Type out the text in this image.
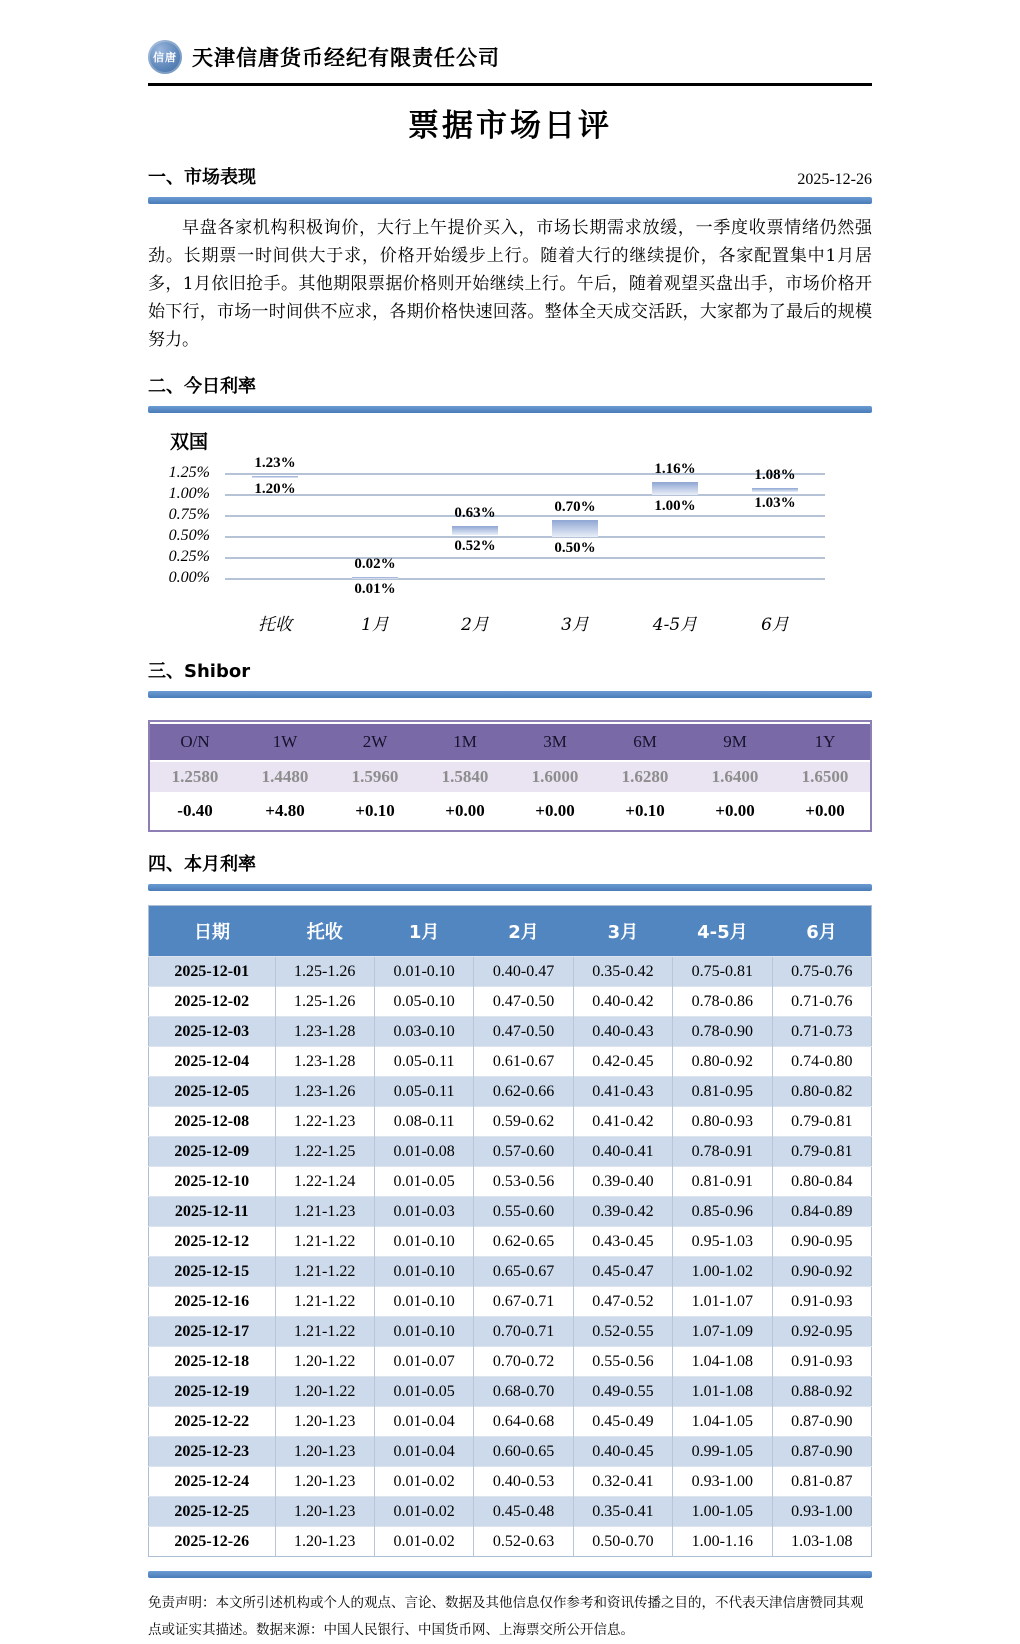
信唐 天津信唐货币经纪有限责任公司
票据市场日评
一、市场表现	2025-12-26
早盘各家机构积极询价，大行上午提价买入，市场长期需求放缓，一季度收票情绪仍然强劲。长期票一时间供大于求，价格开始缓步上行。随着大行的继续提价，各家配置集中1月居多，1月依旧抢手。其他期限票据价格则开始继续上行。午后，随着观望买盘出手，市场价格开始下行，市场一时间供不应求，各期价格快速回落。整体全天成交活跃，大家都为了最后的规模努力。
二、今日利率
双国
1.25%
1.00%
0.75%
0.50%
0.25%
0.00%
1.23%
1.20%
0.02%
0.01%
0.63%
0.52%
0.70%
0.50%
1.16%
1.00%
1.08%
1.03%
托收	1月	2月	3月	4-5月	6月
三、Shibor
O/N	1W	2W	1M	3M	6M	9M	1Y
1.2580	1.4480	1.5960	1.5840	1.6000	1.6280	1.6400	1.6500
-0.40	+4.80	+0.10	+0.00	+0.00	+0.10	+0.00	+0.00
四、本月利率
日期	托收	1月	2月	3月	4-5月	6月
2025-12-01	1.25-1.26	0.01-0.10	0.40-0.47	0.35-0.42	0.75-0.81	0.75-0.76
2025-12-02	1.25-1.26	0.05-0.10	0.47-0.50	0.40-0.42	0.78-0.86	0.71-0.76
2025-12-03	1.23-1.28	0.03-0.10	0.47-0.50	0.40-0.43	0.78-0.90	0.71-0.73
2025-12-04	1.23-1.28	0.05-0.11	0.61-0.67	0.42-0.45	0.80-0.92	0.74-0.80
2025-12-05	1.23-1.26	0.05-0.11	0.62-0.66	0.41-0.43	0.81-0.95	0.80-0.82
2025-12-08	1.22-1.23	0.08-0.11	0.59-0.62	0.41-0.42	0.80-0.93	0.79-0.81
2025-12-09	1.22-1.25	0.01-0.08	0.57-0.60	0.40-0.41	0.78-0.91	0.79-0.81
2025-12-10	1.22-1.24	0.01-0.05	0.53-0.56	0.39-0.40	0.81-0.91	0.80-0.84
2025-12-11	1.21-1.23	0.01-0.03	0.55-0.60	0.39-0.42	0.85-0.96	0.84-0.89
2025-12-12	1.21-1.22	0.01-0.10	0.62-0.65	0.43-0.45	0.95-1.03	0.90-0.95
2025-12-15	1.21-1.22	0.01-0.10	0.65-0.67	0.45-0.47	1.00-1.02	0.90-0.92
2025-12-16	1.21-1.22	0.01-0.10	0.67-0.71	0.47-0.52	1.01-1.07	0.91-0.93
2025-12-17	1.21-1.22	0.01-0.10	0.70-0.71	0.52-0.55	1.07-1.09	0.92-0.95
2025-12-18	1.20-1.22	0.01-0.07	0.70-0.72	0.55-0.56	1.04-1.08	0.91-0.93
2025-12-19	1.20-1.22	0.01-0.05	0.68-0.70	0.49-0.55	1.01-1.08	0.88-0.92
2025-12-22	1.20-1.23	0.01-0.04	0.64-0.68	0.45-0.49	1.04-1.05	0.87-0.90
2025-12-23	1.20-1.23	0.01-0.04	0.60-0.65	0.40-0.45	0.99-1.05	0.87-0.90
2025-12-24	1.20-1.23	0.01-0.02	0.40-0.53	0.32-0.41	0.93-1.00	0.81-0.87
2025-12-25	1.20-1.23	0.01-0.02	0.45-0.48	0.35-0.41	1.00-1.05	0.93-1.00
2025-12-26	1.20-1.23	0.01-0.02	0.52-0.63	0.50-0.70	1.00-1.16	1.03-1.08
免责声明：本文所引述机构或个人的观点、言论、数据及其他信息仅作参考和资讯传播之目的，不代表天津信唐赞同其观点或证实其描述。数据来源：中国人民银行、中国货币网、上海票交所公开信息。
